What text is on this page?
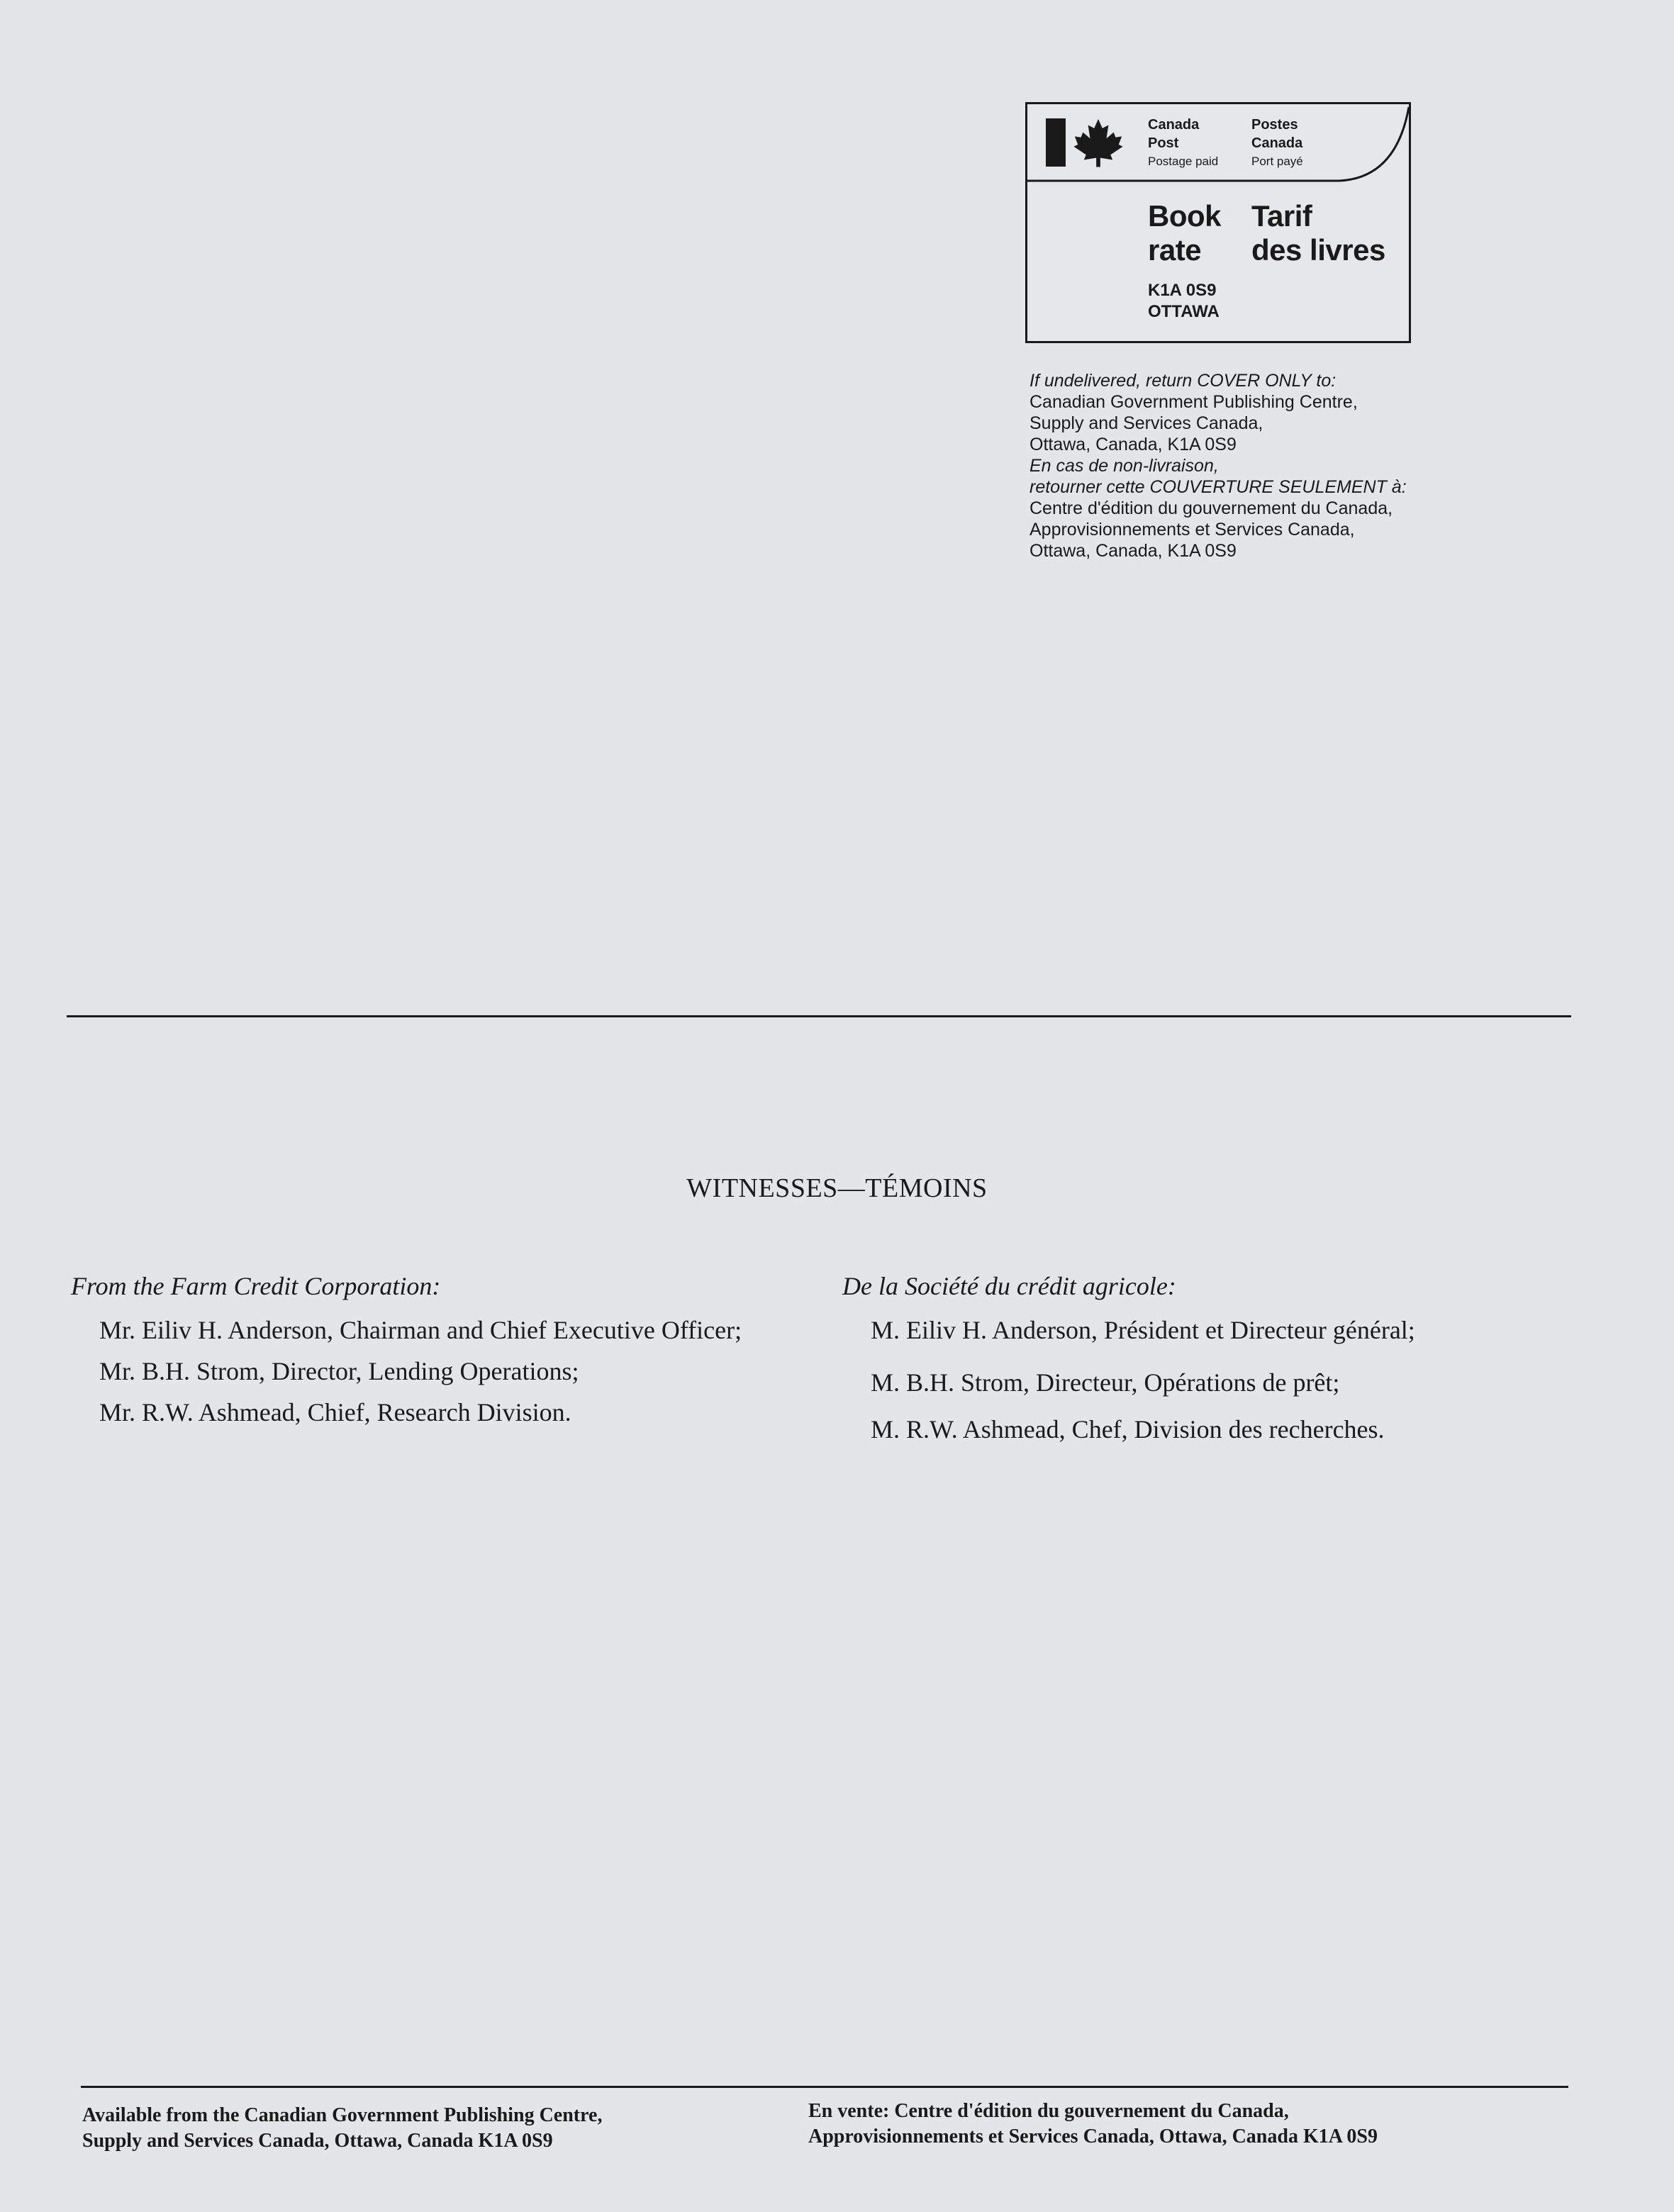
Canada
Post
Postage paid
Postes
Canada
Port payé
Book
rate
Tarif
des livres
K1A 0S9
OTTAWA
If undelivered, return COVER ONLY to:
Canadian Government Publishing Centre,
Supply and Services Canada,
Ottawa, Canada, K1A 0S9
En cas de non-livraison,
retourner cette COUVERTURE SEULEMENT à:
Centre d'édition du gouvernement du Canada,
Approvisionnements et Services Canada,
Ottawa, Canada, K1A 0S9
WITNESSES—TÉMOINS
From the Farm Credit Corporation:
Mr. Eiliv H. Anderson, Chairman and Chief Executive Officer;
Mr. B.H. Strom, Director, Lending Operations;
Mr. R.W. Ashmead, Chief, Research Division.
De la Société du crédit agricole:
M. Eiliv H. Anderson, Président et Directeur général;
M. B.H. Strom, Directeur, Opérations de prêt;
M. R.W. Ashmead, Chef, Division des recherches.
Available from the Canadian Government Publishing Centre,
Supply and Services Canada, Ottawa, Canada K1A 0S9
En vente: Centre d'édition du gouvernement du Canada,
Approvisionnements et Services Canada, Ottawa, Canada K1A 0S9
